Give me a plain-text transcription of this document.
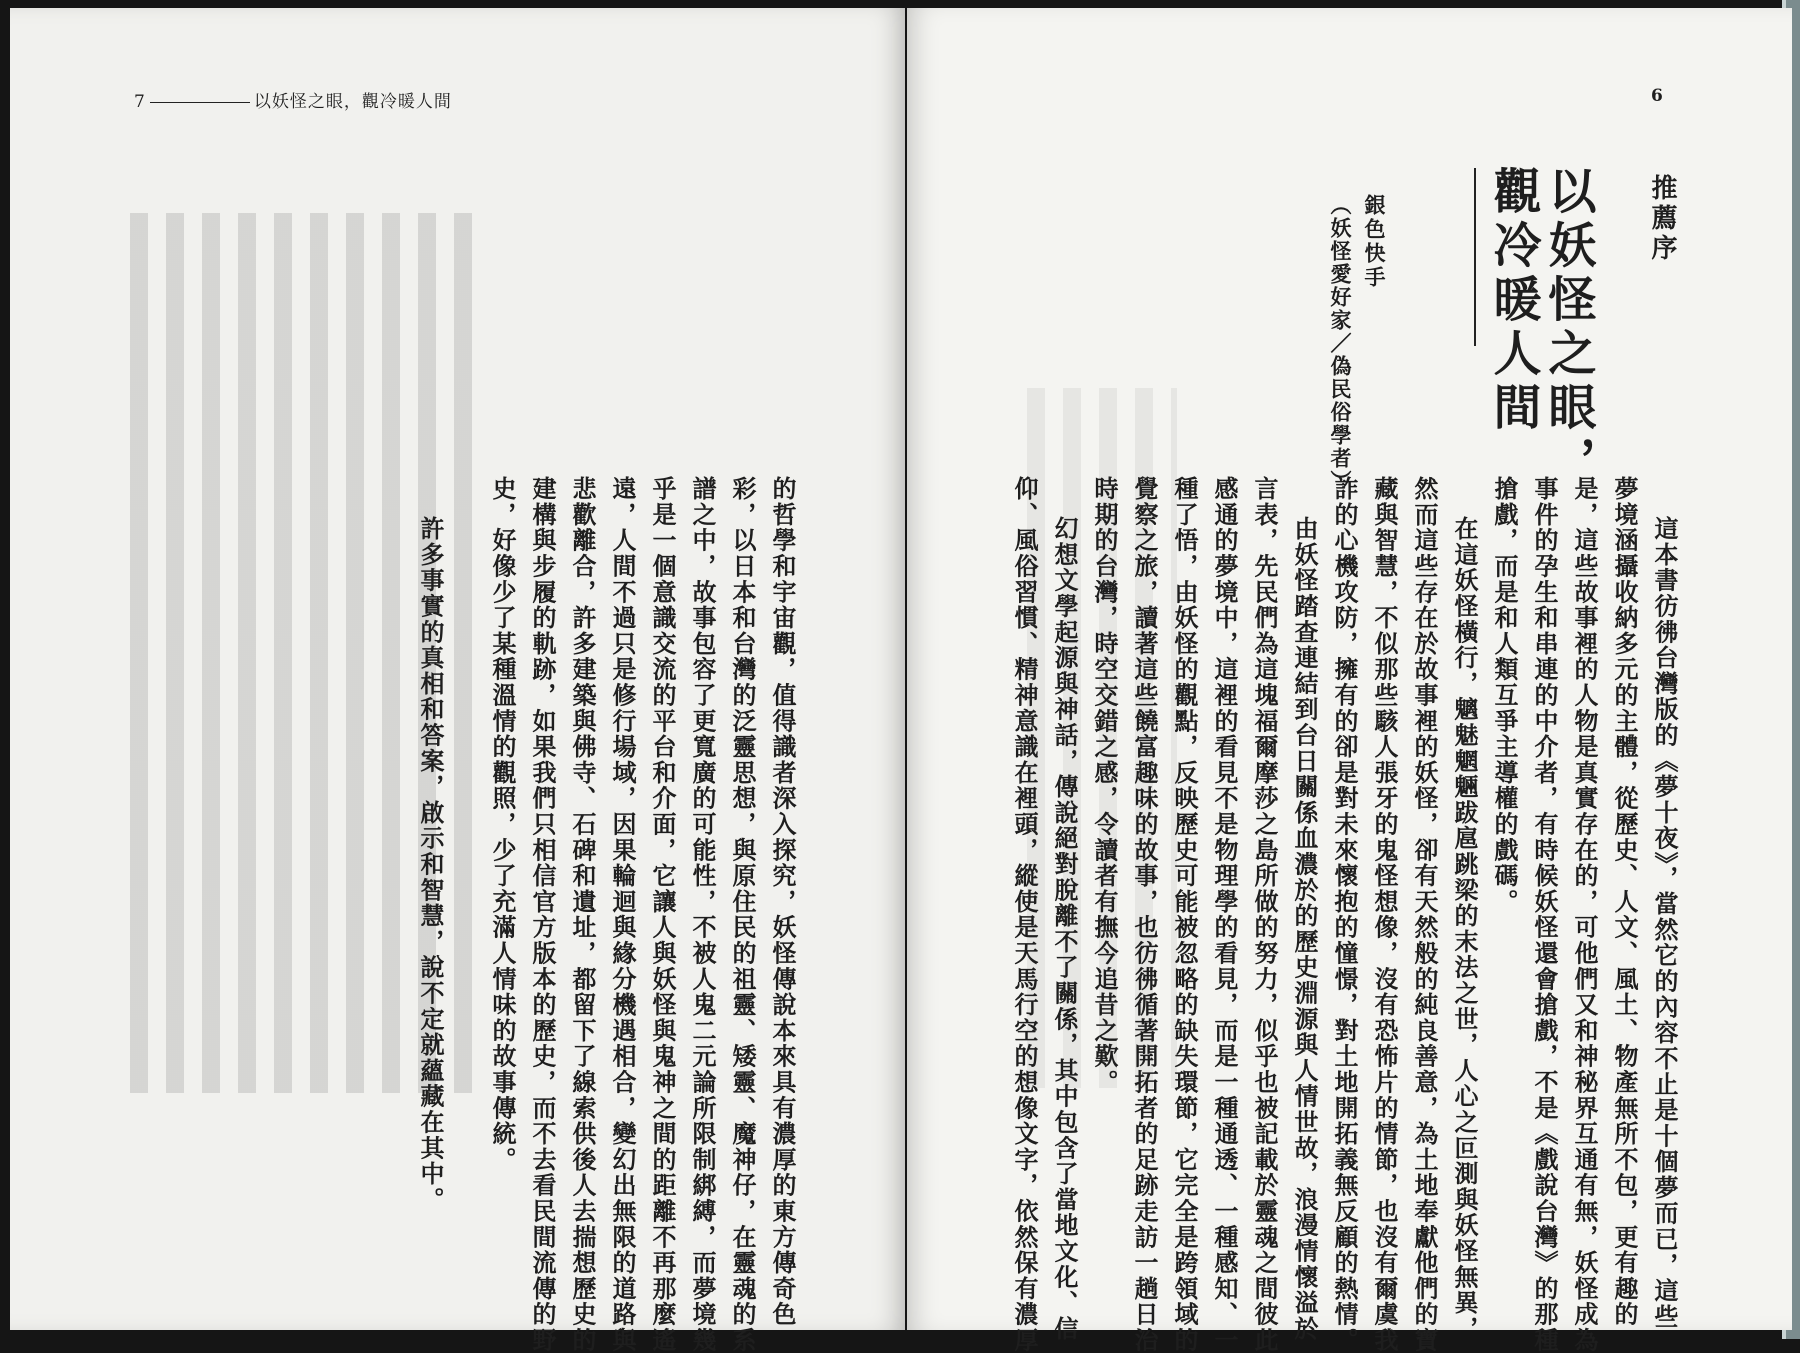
7	以妖怪之眼，觀冷暖人間
的哲學和宇宙觀，值得識者深入探究，妖怪傳說本來具有濃厚的東方傳奇色
彩，以日本和台灣的泛靈思想，與原住民的祖靈、矮靈、魔神仔，在靈魂的系
譜之中，故事包容了更寬廣的可能性，不被人鬼二元論所限制綁縛，而夢境幾
乎是一個意識交流的平台和介面，它讓人與妖怪與鬼神之間的距離不再那麼遙
遠，人間不過只是修行場域，因果輪迴與緣分機遇相合，變幻出無限的道路與
悲歡離合，許多建築與佛寺、石碑和遺址，都留下了線索供後人去揣想歷史的
建構與步履的軌跡，如果我們只相信官方版本的歷史，而不去看民間流傳的野
史，好像少了某種溫情的觀照，少了充滿人情味的故事傳統。
許多事實的真相和答案，啟示和智慧，說不定就蘊藏在其中。
6
推薦序
以妖怪之眼，
觀冷暖人間
銀色快手
（妖怪愛好家／偽民俗學者）
這本書彷彿台灣版的《夢十夜》，當然它的內容不止是十個夢而已，這些
夢境涵攝收納多元的主體，從歷史、人文、風土、物產無所不包，更有趣的
是，這些故事裡的人物是真實存在的，可他們又和神秘界互通有無，妖怪成為
事件的孕生和串連的中介者，有時候妖怪還會搶戲，不是《戲說台灣》的那種
搶戲，而是和人類互爭主導權的戲碼。
在這妖怪橫行，魑魅魍魎跋扈跳梁的末法之世，人心之叵測與妖怪無異，
然而這些存在於故事裡的妖怪，卻有天然般的純良善意，為土地奉獻他們的寶
藏與智慧，不似那些駭人張牙的鬼怪想像，沒有恐怖片的情節，也沒有爾虞我
詐的心機攻防，擁有的卻是對未來懷抱的憧憬，對土地開拓義無反顧的熱情。
由妖怪踏查連結到台日關係血濃於的歷史淵源與人情世故，浪漫情懷溢於
言表，先民們為這塊福爾摩莎之島所做的努力，似乎也被記載於靈魂之間彼此
感通的夢境中，這裡的看見不是物理學的看見，而是一種通透、一種感知、一
種了悟，由妖怪的觀點，反映歷史可能被忽略的缺失環節，它完全是跨領域的
覺察之旅，讀著這些饒富趣味的故事，也彷彿循著開拓者的足跡走訪一趟日治
時期的台灣，時空交錯之感，令讀者有撫今追昔之歎。
幻想文學起源與神話，傳說絕對脫離不了關係，其中包含了當地文化、信
仰、風俗習慣、精神意識在裡頭，縱使是天馬行空的想像文字，依然保有濃厚
